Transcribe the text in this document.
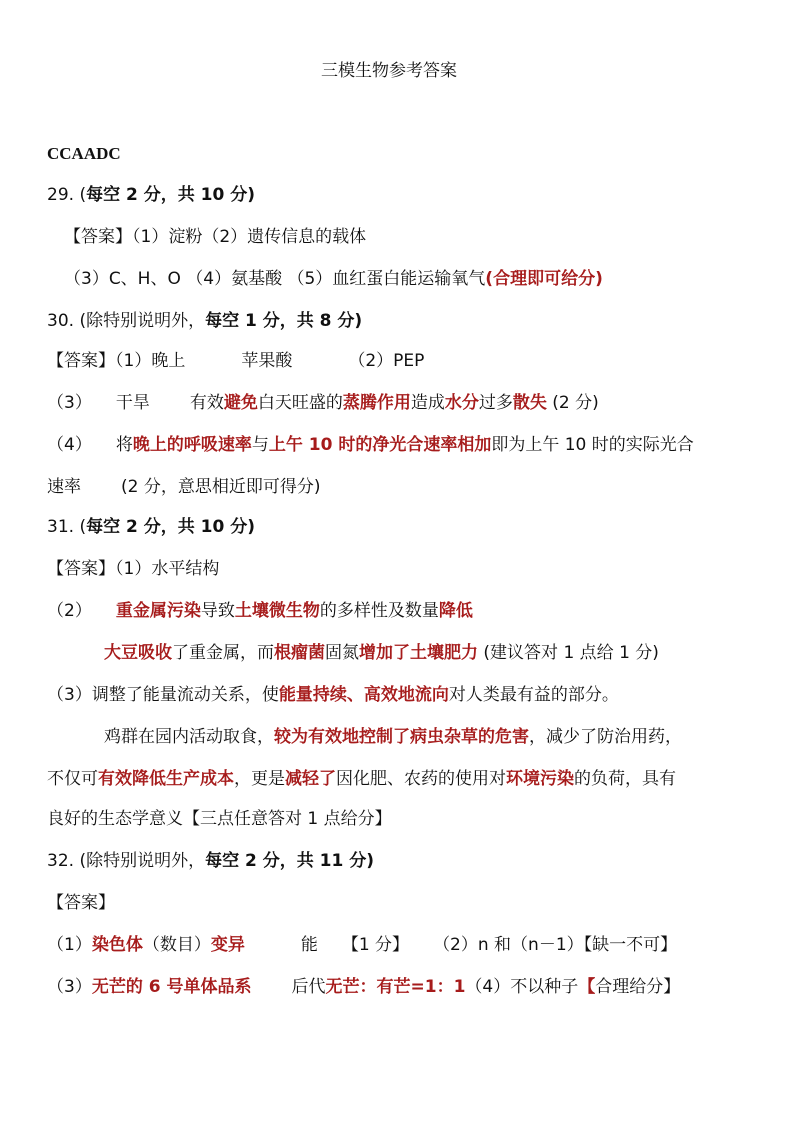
三模生物参考答案
CCAADC
29. (每空 2 分，共 10 分)
【答案】（1）淀粉（2）遗传信息的载体
（3）C、H、O （4）氨基酸 （5）血红蛋白能运输氧气(合理即可给分)
30. (除特别说明外，每空 1 分，共 8 分)
【答案】（1）晚上	苹果酸	（2）PEP
（3） 干旱 有效避免白天旺盛的蒸腾作用造成水分过多散失 (2 分)
（4） 将晚上的呼吸速率与上午 10 时的净光合速率相加即为上午 10 时的实际光合
速率 (2 分，意思相近即可得分)
31. (每空 2 分，共 10 分)
【答案】（1）水平结构
（2） 重金属污染导致土壤微生物的多样性及数量降低
大豆吸收了重金属，而根瘤菌固氮增加了土壤肥力 (建议答对 1 点给 1 分)
（3）调整了能量流动关系，使能量持续、高效地流向对人类最有益的部分。
鸡群在园内活动取食，较为有效地控制了病虫杂草的危害，减少了防治用药，
不仅可有效降低生产成本，更是减轻了因化肥、农药的使用对环境污染的负荷，具有
良好的生态学意义【三点任意答对 1 点给分】
32. (除特别说明外，每空 2 分，共 11 分)
【答案】
（1）染色体（数目）变异	能 【1 分】 （2）n 和（n－1）【缺一不可】
（3）无芒的 6 号单体品系 后代无芒：有芒=1：1（4）不以种子【合理给分】
